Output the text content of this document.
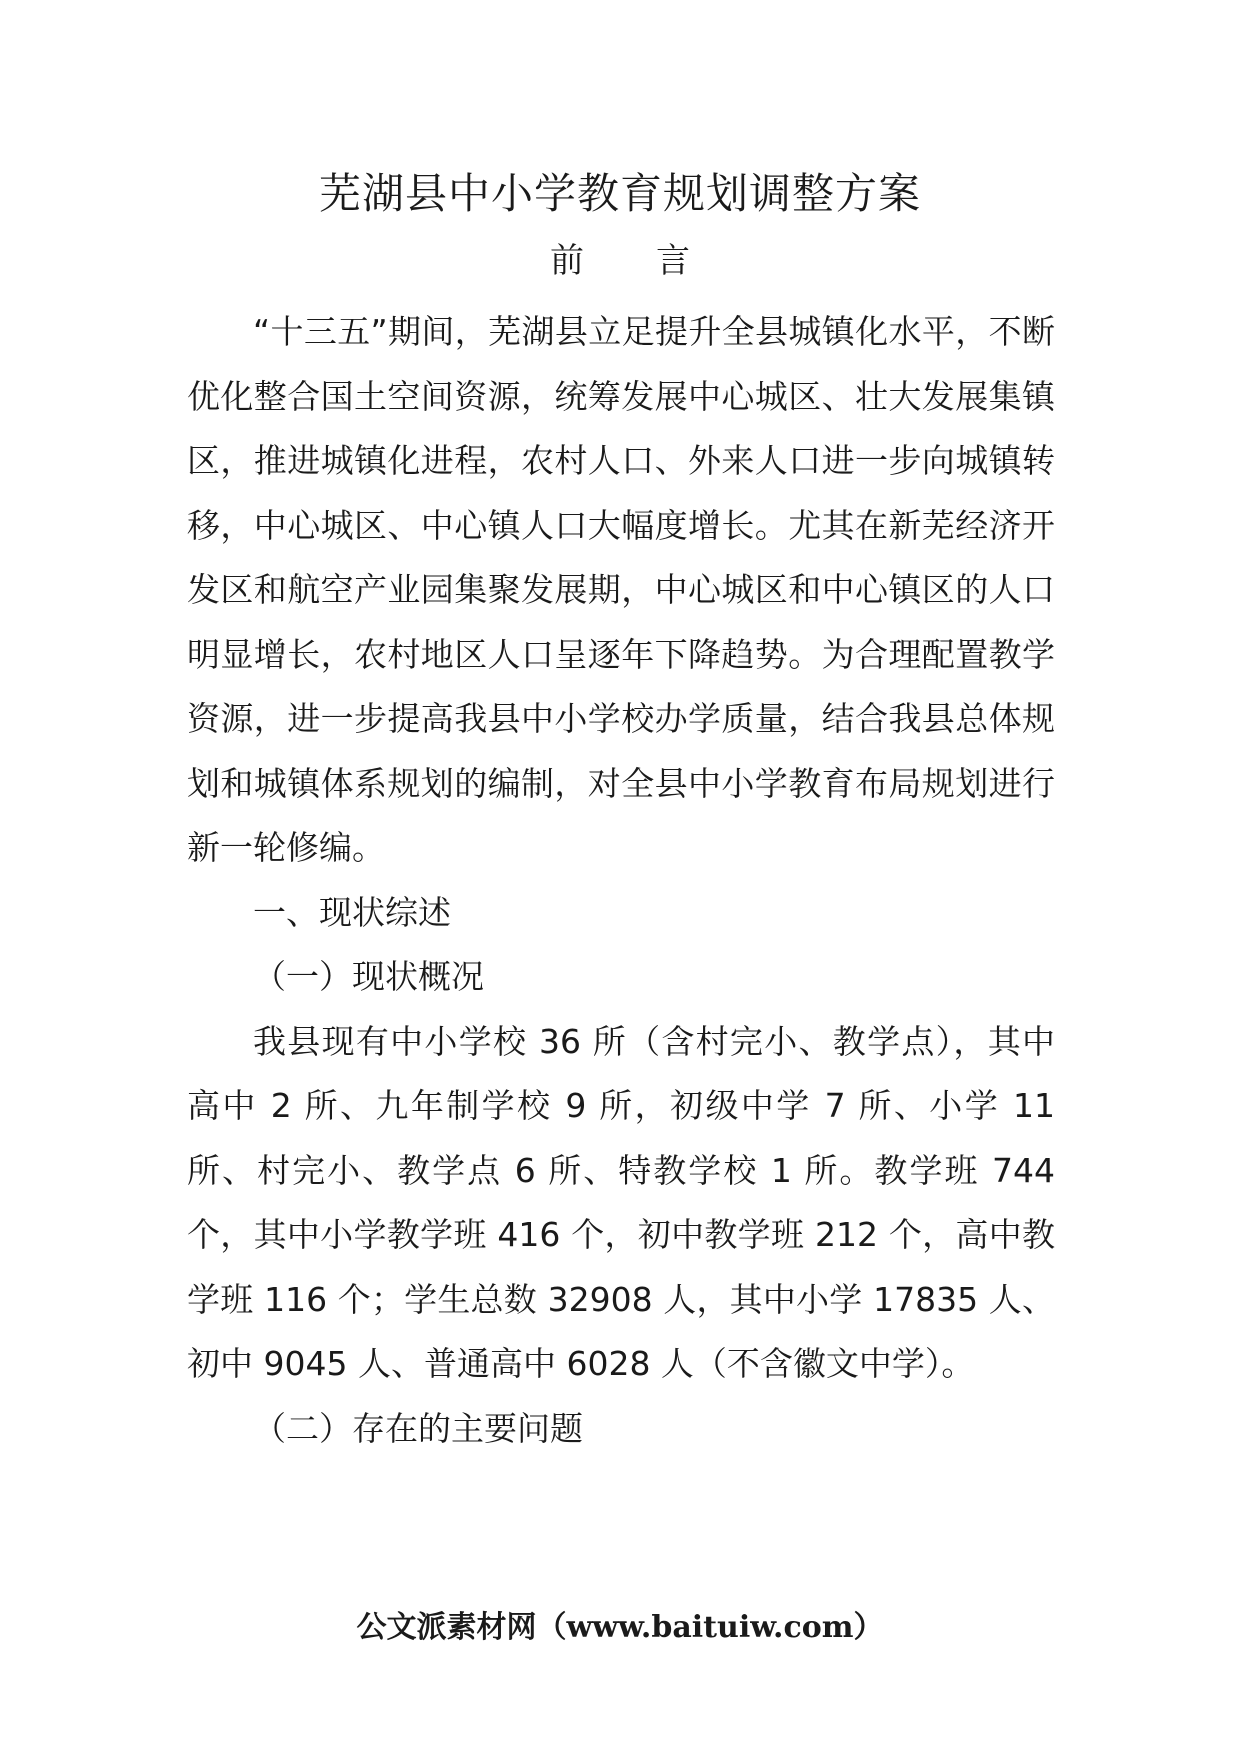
芜湖县中小学教育规划调整方案
前 言

“十三五”期间，芜湖县立足提升全县城镇化水平，不断优化整合国土空间资源，统筹发展中心城区、壮大发展集镇区，推进城镇化进程，农村人口、外来人口进一步向城镇转移，中心城区、中心镇人口大幅度增长。尤其在新芜经济开发区和航空产业园集聚发展期，中心城区和中心镇区的人口明显增长，农村地区人口呈逐年下降趋势。为合理配置教学资源，进一步提高我县中小学校办学质量，结合我县总体规划和城镇体系规划的编制，对全县中小学教育布局规划进行新一轮修编。

一、现状综述

（一）现状概况

我县现有中小学校 36 所（含村完小、教学点），其中高中 2 所、九年制学校 9 所，初级中学 7 所、小学 11 所、村完小、教学点 6 所、特教学校 1 所。教学班 744 个，其中小学教学班 416 个，初中教学班 212 个，高中教学班 116 个；学生总数 32908 人，其中小学 17835 人、初中 9045 人、普通高中 6028 人（不含徽文中学）。

（二）存在的主要问题

公文派素材网（www.baituiw.com）
